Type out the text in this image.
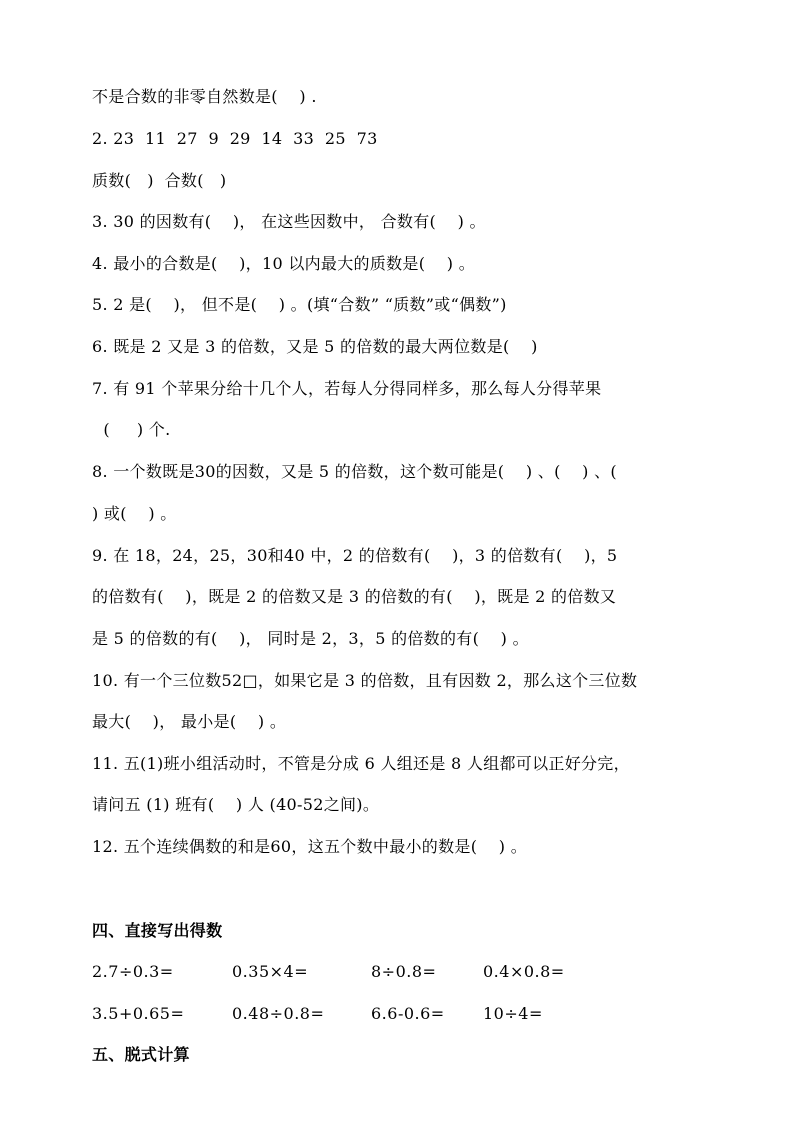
不是合数的非零自然数是(    ) .
2. 23  11  27  9  29  14  33  25  73
质数(   )  合数(   )
3. 30 的因数有(    )， 在这些因数中， 合数有(    ) 。
4. 最小的合数是(    )，10 以内最大的质数是(    ) 。
5. 2 是(    )， 但不是(    ) 。(填“合数” “质数”或“偶数”)
6. 既是 2 又是 3 的倍数，又是 5 的倍数的最大两位数是(    )
7. 有 91 个苹果分给十几个人，若每人分得同样多，那么每人分得苹果
(     ) 个.
8. 一个数既是30的因数，又是 5 的倍数，这个数可能是(    ) 、(    ) 、(
) 或(    ) 。
9. 在 18，24，25，30和40 中，2 的倍数有(    )，3 的倍数有(    )，5
的倍数有(    )，既是 2 的倍数又是 3 的倍数的有(    )，既是 2 的倍数又
是 5 的倍数的有(    )， 同时是 2，3，5 的倍数的有(    ) 。
10. 有一个三位数52□，如果它是 3 的倍数，且有因数 2，那么这个三位数
最大(    )， 最小是(    ) 。
11. 五(1)班小组活动时，不管是分成 6 人组还是 8 人组都可以正好分完，
请问五 (1) 班有(    ) 人 (40-52之间)。
12. 五个连续偶数的和是60，这五个数中最小的数是(    ) 。
四、直接写出得数
2.7÷0.3=	0.35×4=	8÷0.8=	0.4×0.8=
3.5+0.65=	0.48÷0.8=	6.6-0.6= 10÷4=
五、脱式计算
